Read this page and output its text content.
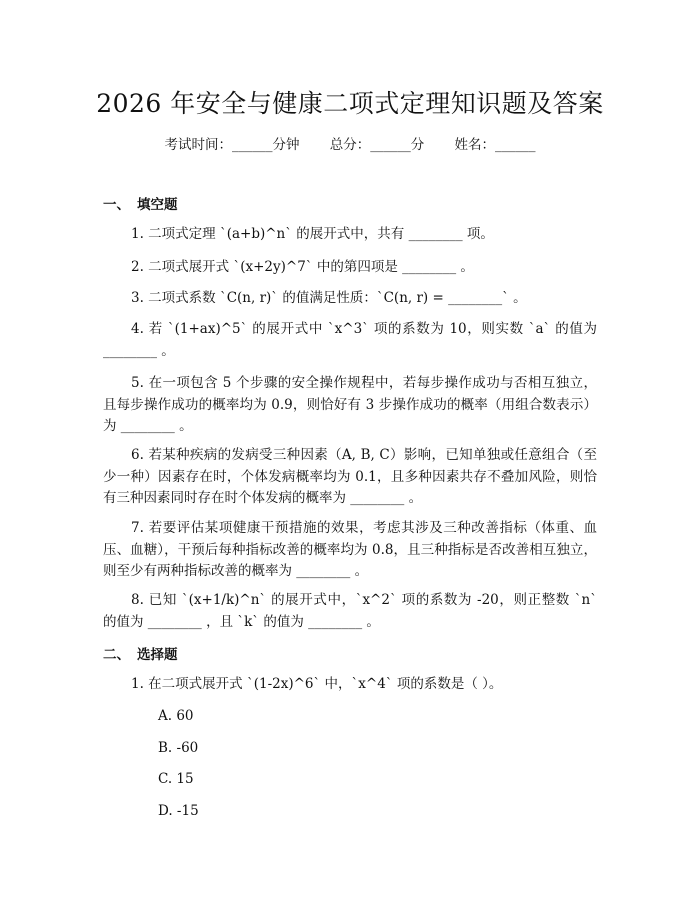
2026 年安全与健康二项式定理知识题及答案
考试时间：______分钟 总分：______分 姓名：______
一、 填空题

1. 二项式定理 `(a+b)^n` 的展开式中，共有 ________ 项。

2. 二项式展开式 `(x+2y)^7` 中的第四项是 ________ 。

3. 二项式系数 `C(n, r)` 的值满足性质：`C(n, r) = ________` 。

4. 若 `(1+ax)^5` 的展开式中 `x^3` 项的系数为 10，则实数 `a` 的值为 ________ 。

5. 在一项包含 5 个步骤的安全操作规程中，若每步操作成功与否相互独立，且每步操作成功的概率均为 0.9，则恰好有 3 步操作成功的概率（用组合数表示）为 ________ 。

6. 若某种疾病的发病受三种因素（A, B, C）影响，已知单独或任意组合（至少一种）因素存在时，个体发病概率均为 0.1，且多种因素共存不叠加风险，则恰有三种因素同时存在时个体发病的概率为 ________ 。

7. 若要评估某项健康干预措施的效果，考虑其涉及三种改善指标（体重、血压、血糖），干预后每种指标改善的概率均为 0.8，且三种指标是否改善相互独立，则至少有两种指标改善的概率为 ________ 。

8. 已知 `(x+1/k)^n` 的展开式中，`x^2` 项的系数为 -20，则正整数 `n` 的值为 ________ ，且 `k` 的值为 ________ 。

二、 选择题

1. 在二项式展开式 `(1-2x)^6` 中，`x^4` 项的系数是（ ）。

A. 60

B. -60

C. 15

D. -15
